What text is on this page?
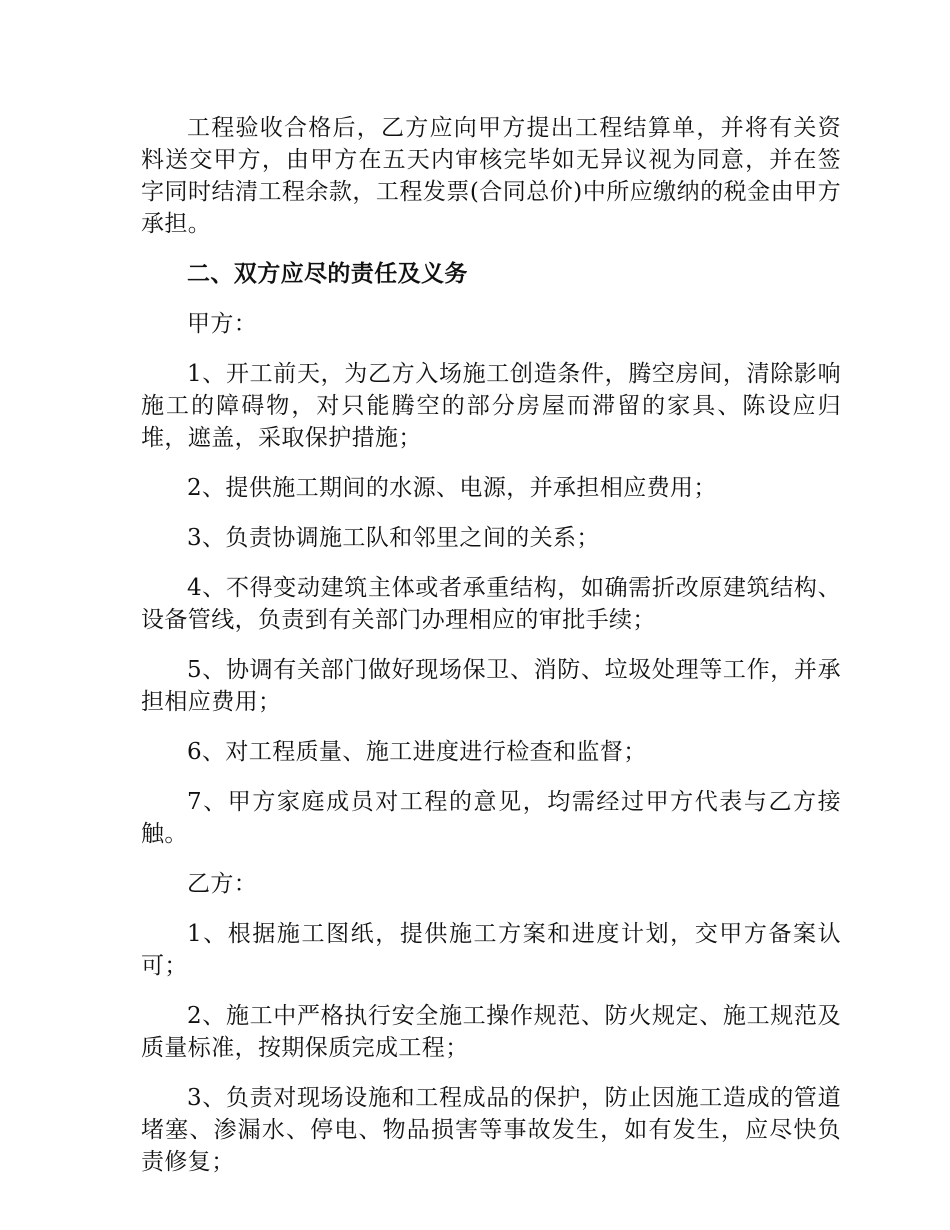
工程验收合格后，乙方应向甲方提出工程结算单，并将有关资料送交甲方，由甲方在五天内审核完毕如无异议视为同意，并在签字同时结清工程余款，工程发票(合同总价)中所应缴纳的税金由甲方承担。

二、双方应尽的责任及义务

甲方：

1、开工前天，为乙方入场施工创造条件，腾空房间，清除影响施工的障碍物，对只能腾空的部分房屋而滞留的家具、陈设应归堆，遮盖，采取保护措施；

2、提供施工期间的水源、电源，并承担相应费用；

3、负责协调施工队和邻里之间的关系；

4、不得变动建筑主体或者承重结构，如确需折改原建筑结构、设备管线，负责到有关部门办理相应的审批手续；

5、协调有关部门做好现场保卫、消防、垃圾处理等工作，并承担相应费用；

6、对工程质量、施工进度进行检查和监督；

7、甲方家庭成员对工程的意见，均需经过甲方代表与乙方接触。

乙方：

1、根据施工图纸，提供施工方案和进度计划，交甲方备案认可；

2、施工中严格执行安全施工操作规范、防火规定、施工规范及质量标准，按期保质完成工程；

3、负责对现场设施和工程成品的保护，防止因施工造成的管道堵塞、渗漏水、停电、物品损害等事故发生，如有发生，应尽快负责修复；
